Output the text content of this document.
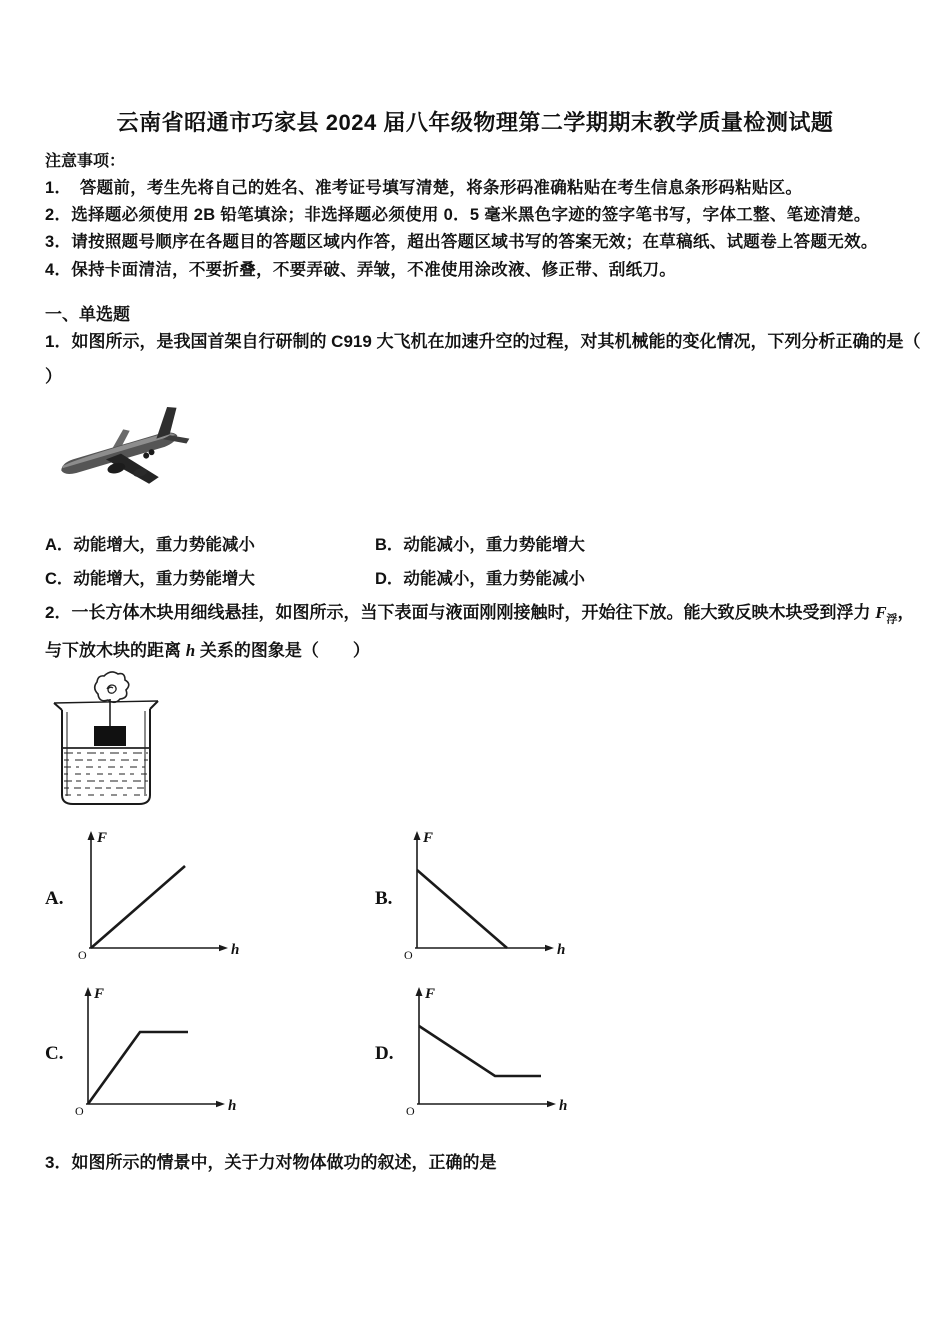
云南省昭通市巧家县 2024 届八年级物理第二学期期末教学质量检测试题
注意事项：
1．　答题前，考生先将自己的姓名、准考证号填写清楚，将条形码准确粘贴在考生信息条形码粘贴区。
2．选择题必须使用 2B 铅笔填涂；非选择题必须使用 0．5 毫米黑色字迹的签字笔书写，字体工整、笔迹清楚。
3．请按照题号顺序在各题目的答题区域内作答，超出答题区域书写的答案无效；在草稿纸、试题卷上答题无效。
4．保持卡面清洁，不要折叠，不要弄破、弄皱，不准使用涂改液、修正带、刮纸刀。
一、单选题
1．如图所示，是我国首架自行研制的 C919 大飞机在加速升空的过程，对其机械能的变化情况，下列分析正确的是（
）
A．动能增大，重力势能减小	B．动能减小，重力势能增大
C．动能增大，重力势能增大	D．动能减小，重力势能减小
2．一长方体木块用细线悬挂，如图所示，当下表面与液面刚刚接触时，开始往下放。能大致反映木块受到浮力 $F_浮$，
与下放木块的距离 h 关系的图象是（　　）
A.
F
h
O
B.
F
h
O
C.
F
h
O
D.
F
h
O
3．如图所示的情景中，关于力对物体做功的叙述，正确的是
